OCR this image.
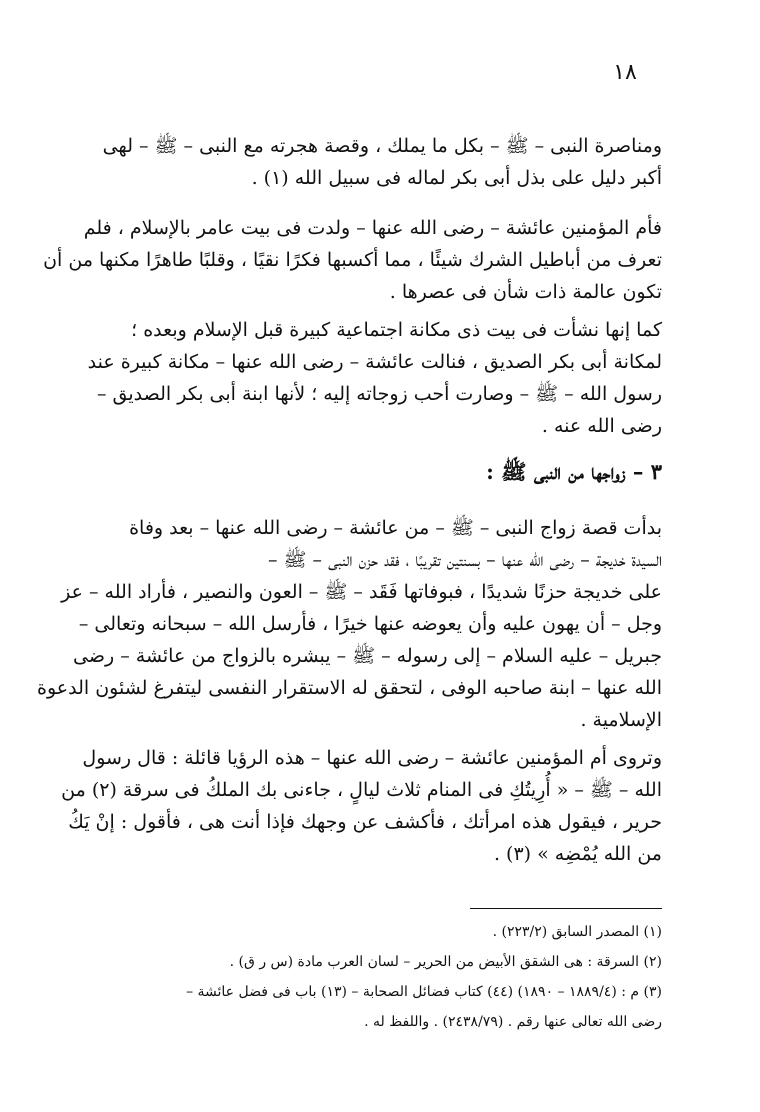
١٨
ومناصرة النبى – ﷺ – بكل ما يملك ، وقصة هجرته مع النبى – ﷺ – لهى
أكبر دليل على بذل أبى بكر لماله فى سبيل الله (١) .
فأم المؤمنين عائشة – رضى الله عنها – ولدت فى بيت عامر بالإسلام ، فلم
تعرف من أباطيل الشرك شيئًا ، مما أكسبها فكرًا نقيًا ، وقلبًا طاهرًا مكنها من أن
تكون عالمة ذات شأن فى عصرها .
كما إنها نشأت فى بيت ذى مكانة اجتماعية كبيرة قبل الإسلام وبعده ؛
لمكانة أبى بكر الصديق ، فنالت عائشة – رضى الله عنها – مكانة كبيرة عند
رسول الله – ﷺ – وصارت أحب زوجاته إليه ؛ لأنها ابنة أبى بكر الصديق –
رضى الله عنه .
٣ – زواجها من النبى ﷺ :
بدأت قصة زواج النبى – ﷺ – من عائشة – رضى الله عنها – بعد وفاة
السيدة خديجة – رضى الله عنها – بسنتين تقريبًا ، فقد حزن النبى – ﷺ –
على خديجة حزنًا شديدًا ، فبوفاتها فَقَد – ﷺ – العون والنصير ، فأراد الله – عز
وجل – أن يهون عليه وأن يعوضه عنها خيرًا ، فأرسل الله – سبحانه وتعالى –
جبريل – عليه السلام – إلى رسوله – ﷺ – يبشره بالزواج من عائشة – رضى
الله عنها – ابنة صاحبه الوفى ، لتحقق له الاستقرار النفسى ليتفرغ لشئون الدعوة
الإسلامية .
وتروى أم المؤمنين عائشة – رضى الله عنها – هذه الرؤيا قائلة : قال رسول
الله – ﷺ – « أُرِيتُكِ فى المنام ثلاث ليالٍ ، جاءنى بك الملكُ فى سرقة (٢) من
حرير ، فيقول هذه امرأتك ، فأكشف عن وجهك فإذا أنت هى ، فأقول : إنْ يَكُ
من الله يُمْضِه » (٣) .
(١) المصدر السابق (٢٢٣/٢) .
(٢) السرقة : هى الشقق الأبيض من الحرير – لسان العرب مادة (س ر ق) .
(٣) م : (١٨٨٩/٤ – ١٨٩٠) (٤٤) كتاب فضائل الصحابة – (١٣) باب فى فضل عائشة –
رضى الله تعالى عنها رقم . (٢٤٣٨/٧٩) . واللفظ له .
